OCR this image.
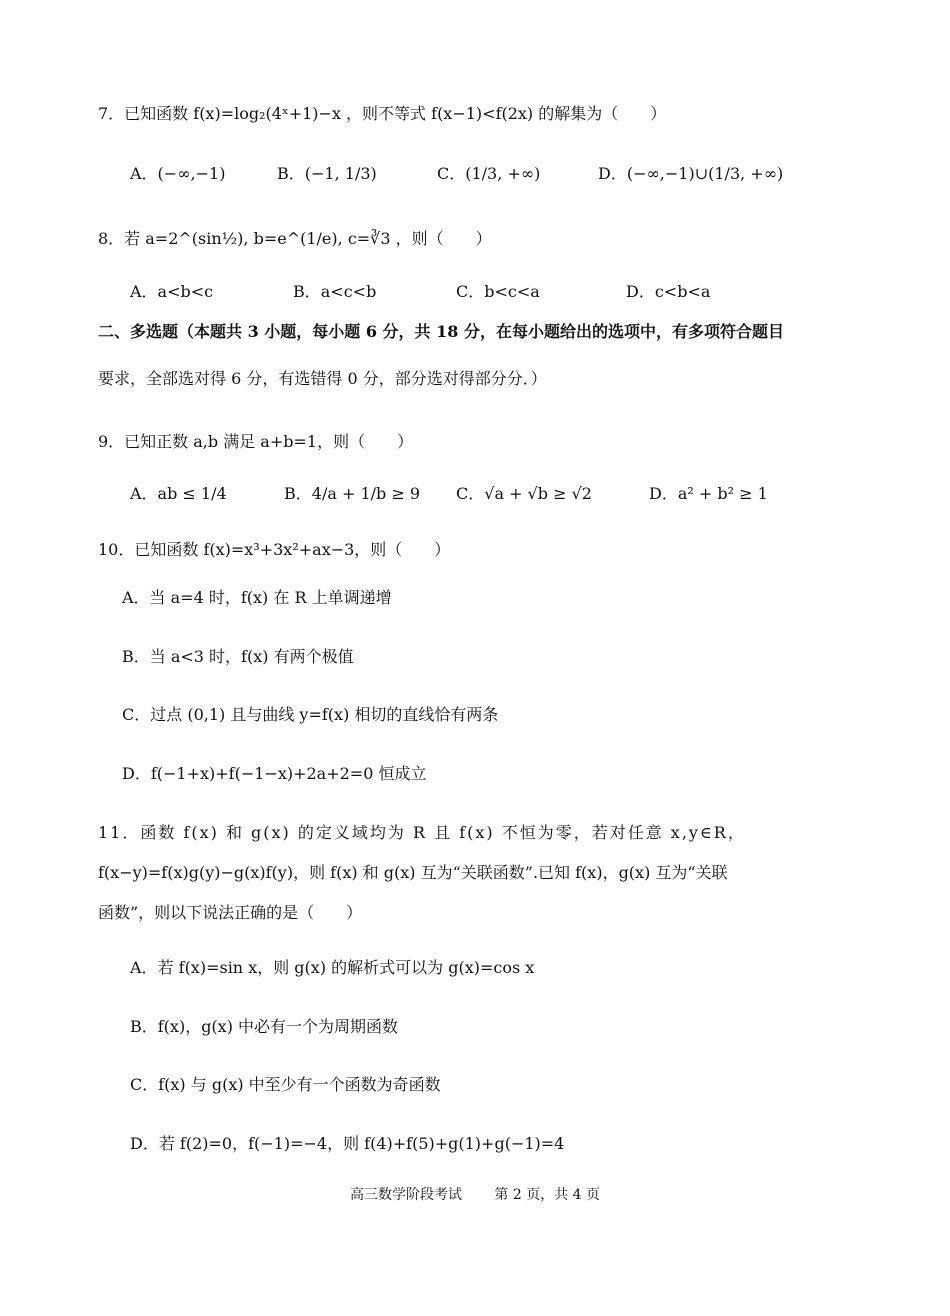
7．已知函数 f(x)=log₂(4ˣ+1)−x ，则不等式 f(x−1)<f(2x) 的解集为（　　）
A．(−∞,−1)	B．(−1, 1/3)	C．(1/3, +∞)	D．(−∞,−1)∪(1/3, +∞)
8．若 a=2^(sin½), b=e^(1/e), c=∛3 ，则（　　）
A．a<b<c	B．a<c<b	C．b<c<a	D．c<b<a
二、多选题（本题共 3 小题，每小题 6 分，共 18 分，在每小题给出的选项中，有多项符合题目
要求，全部选对得 6 分，有选错得 0 分，部分选对得部分分．）
9．已知正数 a,b 满足 a+b=1，则（　　）
A．ab ≤ 1/4	B．4/a + 1/b ≥ 9 C．√a + √b ≥ √2	D．a² + b² ≥ 1
10．已知函数 f(x)=x³+3x²+ax−3，则（　　）
A．当 a=4 时，f(x) 在 R 上单调递增
B．当 a<3 时，f(x) 有两个极值
C．过点 (0,1) 且与曲线 y=f(x) 相切的直线恰有两条
D．f(−1+x)+f(−1−x)+2a+2=0 恒成立
11．函数 f(x) 和 g(x) 的定义域均为 R 且 f(x) 不恒为零，若对任意 x,y∈R，
f(x−y)=f(x)g(y)−g(x)f(y)，则 f(x) 和 g(x) 互为“关联函数”.已知 f(x)，g(x) 互为“关联
函数”，则以下说法正确的是（　　）
A．若 f(x)=sin x，则 g(x) 的解析式可以为 g(x)=cos x
B．f(x)，g(x) 中必有一个为周期函数
C．f(x) 与 g(x) 中至少有一个函数为奇函数
D．若 f(2)=0，f(−1)=−4，则 f(4)+f(5)+g(1)+g(−1)=4
高三数学阶段考试 第 2 页，共 4 页
